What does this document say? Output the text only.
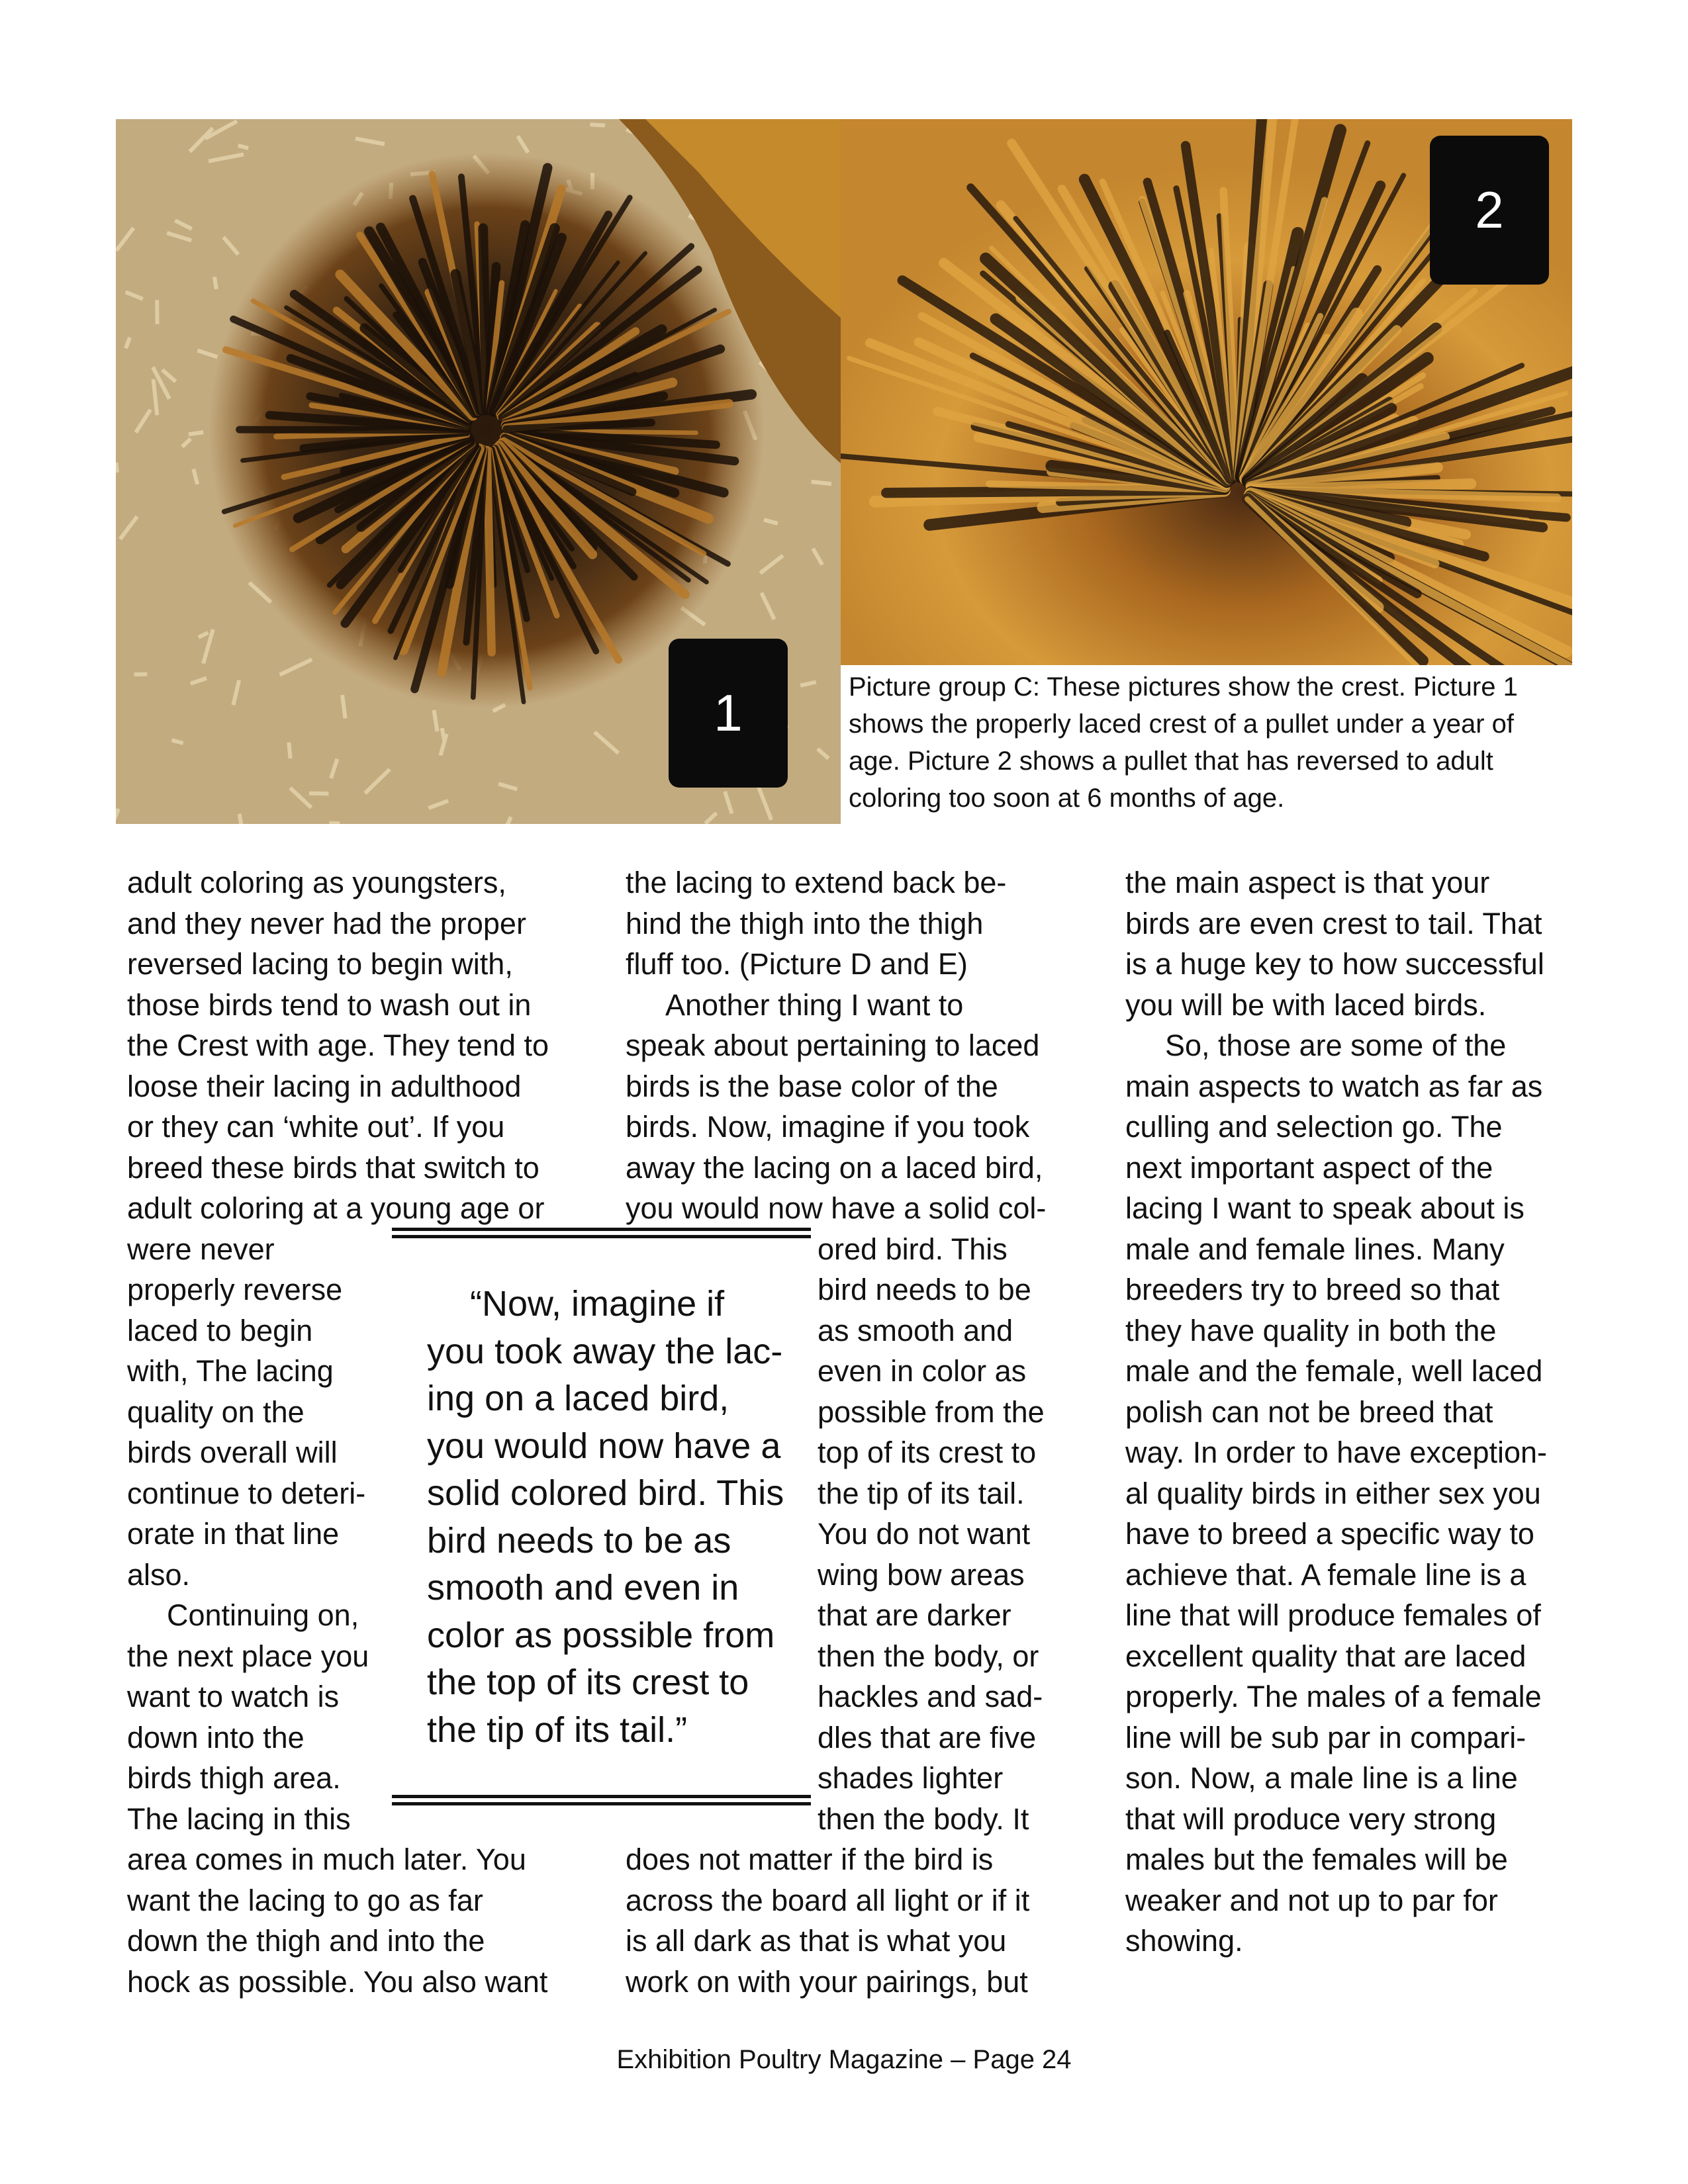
1
2

Picture group C: These pictures show the crest. Picture 1 shows the properly laced crest of a pullet under a year of age. Picture 2 shows a pullet that has reversed to adult coloring too soon at 6 months of age.

adult coloring as youngsters,
and they never had the proper
reversed lacing to begin with,
those birds tend to wash out in
the Crest with age. They tend to
loose their lacing in adulthood
or they can ‘white out’. If you
breed these birds that switch to
adult coloring at a young age or
were never
properly reverse
laced to begin
with, The lacing
quality on the
birds overall will
continue to deteri-
orate in that line
also.
Continuing on,
the next place you
want to watch is
down into the
birds thigh area.
The lacing in this
area comes in much later. You
want the lacing to go as far
down the thigh and into the
hock as possible. You also want
the lacing to extend back be-
hind the thigh into the thigh
fluff too. (Picture D and E)
Another thing I want to
speak about pertaining to laced
birds is the base color of the
birds. Now, imagine if you took
away the lacing on a laced bird,
you would now have a solid col-
ored bird. This
bird needs to be
as smooth and
even in color as
possible from the
top of its crest to
the tip of its tail.
You do not want
wing bow areas
that are darker
then the body, or
hackles and sad-
dles that are five
shades lighter
then the body. It
does not matter if the bird is
across the board all light or if it
is all dark as that is what you
work on with your pairings, but
the main aspect is that your
birds are even crest to tail. That
is a huge key to how successful
you will be with laced birds.
So, those are some of the
main aspects to watch as far as
culling and selection go. The
next important aspect of the
lacing I want to speak about is
male and female lines. Many
breeders try to breed so that
they have quality in both the
male and the female, well laced
polish can not be breed that
way. In order to have exception-
al quality birds in either sex you
have to breed a specific way to
achieve that. A female line is a
line that will produce females of
excellent quality that are laced
properly. The males of a female
line will be sub par in compari-
son. Now, a male line is a line
that will produce very strong
males but the females will be
weaker and not up to par for
showing.
“Now, imagine if
you took away the lac-
ing on a laced bird,
you would now have a
solid colored bird. This
bird needs to be as
smooth and even in
color as possible from
the top of its crest to
the tip of its tail.”
Exhibition Poultry Magazine – Page 24
